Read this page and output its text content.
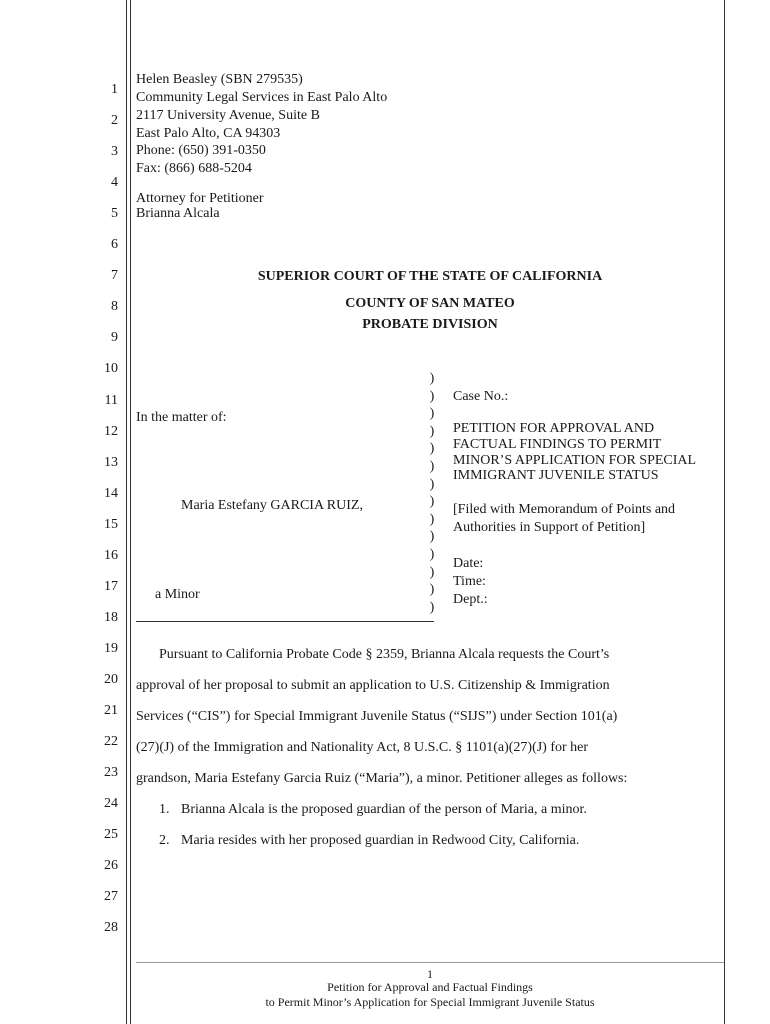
1
2
3
4
5
6
7
8
9
10
11
12
13
14
15
16
17
18
19
20
21
22
23
24
25
26
27
28
Helen Beasley (SBN 279535)
Community Legal Services in East Palo Alto
2117 University Avenue, Suite B
East Palo Alto, CA 94303
Phone: (650) 391-0350
Fax: (866) 688-5204
Attorney for Petitioner
Brianna Alcala
SUPERIOR COURT OF THE STATE OF CALIFORNIA
COUNTY OF SAN MATEO
PROBATE DIVISION
In the matter of:
Maria Estefany GARCIA RUIZ,
a Minor
)
)
)
)
)
)
)
)
)
)
)
)
)
)
Case No.:
PETITION FOR APPROVAL AND
FACTUAL FINDINGS TO PERMIT
MINOR’S APPLICATION FOR SPECIAL
IMMIGRANT JUVENILE STATUS
[Filed with Memorandum of Points and
Authorities in Support of Petition]
Date:
Time:
Dept.:
Pursuant to California Probate Code § 2359, Brianna Alcala requests the Court’s
approval of her proposal to submit an application to U.S. Citizenship & Immigration
Services (“CIS”) for Special Immigrant Juvenile Status (“SIJS”) under Section 101(a)
(27)(J) of the Immigration and Nationality Act, 8 U.S.C. § 1101(a)(27)(J) for her
grandson, Maria Estefany Garcia Ruiz (“Maria”), a minor. Petitioner alleges as follows:
1. Brianna Alcala is the proposed guardian of the person of Maria, a minor.
2. Maria resides with her proposed guardian in Redwood City, California.
1
Petition for Approval and Factual Findings
to Permit Minor’s Application for Special Immigrant Juvenile Status
